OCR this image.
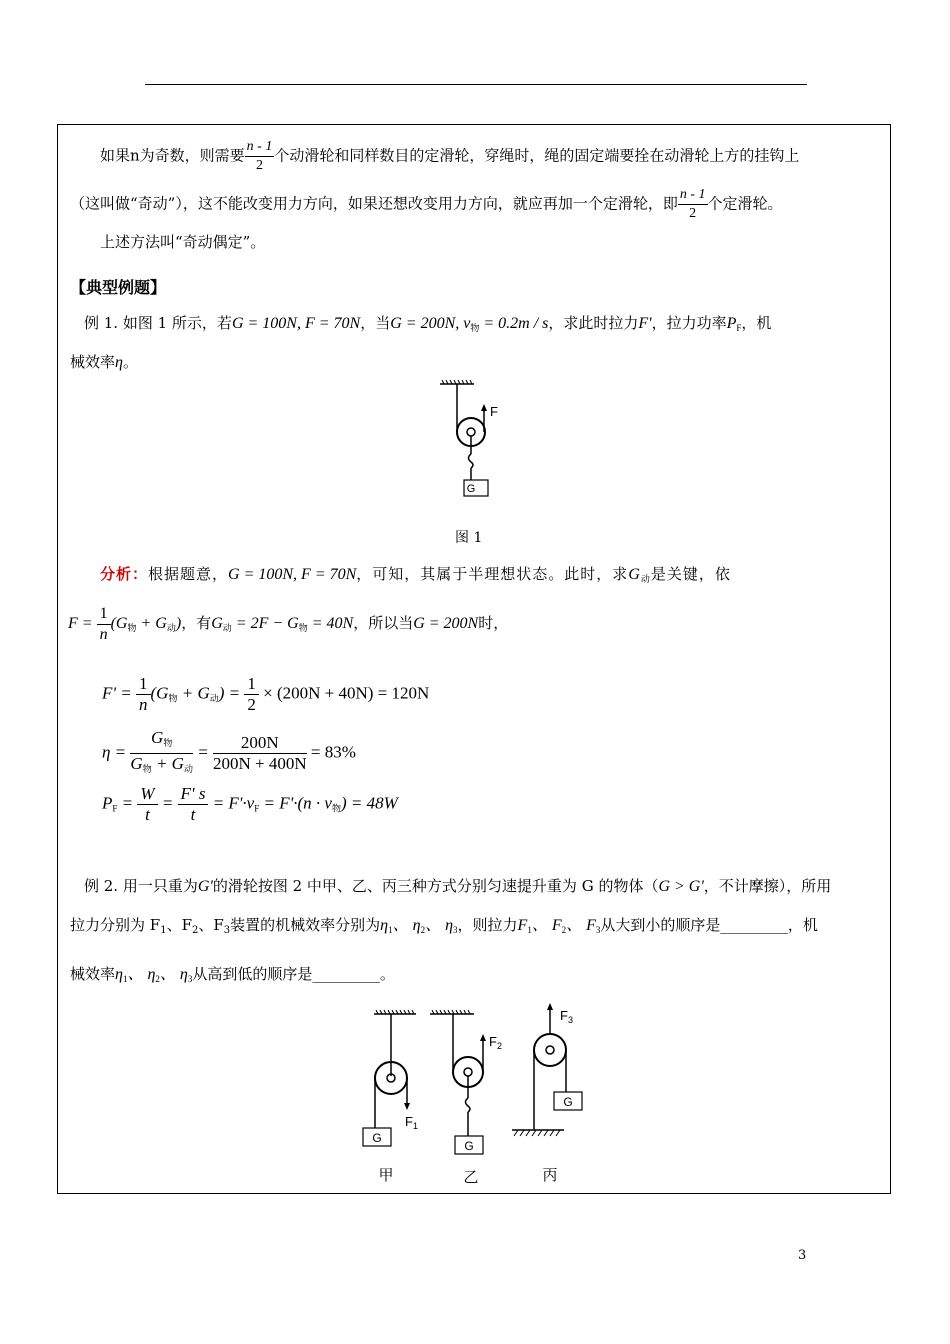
如果n为奇数，则需要 $\frac{n - 1}{2}$ 个动滑轮和同样数目的定滑轮，穿绳时，绳的固定端要拴在动滑轮上方的挂钩上
（这叫做“奇动”），这不能改变用力方向，如果还想改变用力方向，就应再加一个定滑轮，即 $\frac{n - 1}{2}$ 个定滑轮。
上述方法叫“奇动偶定”。
【典型例题】
例 1. 如图 1 所示，若G = 100N, F = 70N，当G = 200N, $v_物 = 0.2m / s$，求此时拉力F'，拉力功率$P_F$，机
械效率η。
F
G
图 1
分析：根据题意，G = 100N, F = 70N，可知，其属于半理想状态。此时，求$G_动$是关键，依
$F = \frac{1}{n} (G_物 + G_动)$，有$G_动 = 2F - G_物 = 40N$，所以当G = 200N时，
$F' = \frac{1}{n} (G_物 + G_动) = \frac{1}{2} \times (200N + 40N) = 120N$
η =
$G_物$
$G_物 + G_动$
= $\frac{200N}{200N + 400N} = 83\%$
$P_F = \frac{W}{t} = \frac{F' s}{t} = F'\cdot v_F = F'\cdot(n \cdot v_物) = 48W$
例 2. 用一只重为G'的滑轮按图 2 中甲、乙、丙三种方式分别匀速提升重为 G 的物体（G > G'，不计摩擦），所用
拉力分别为 $F_1$、$F_2$、$F_3$装置的机械效率分别为$\eta_1$、 $\eta_2$、 $\eta_3$，则拉力$F_1$、 $F_2$、 $F_3$从大到小的顺序是_________，机
械效率$\eta_1$、 $\eta_2$、 $\eta_3$从高到低的顺序是_________。
G
$F_1$
G
$F_2$
G
$F_3$
甲	乙	丙
3
